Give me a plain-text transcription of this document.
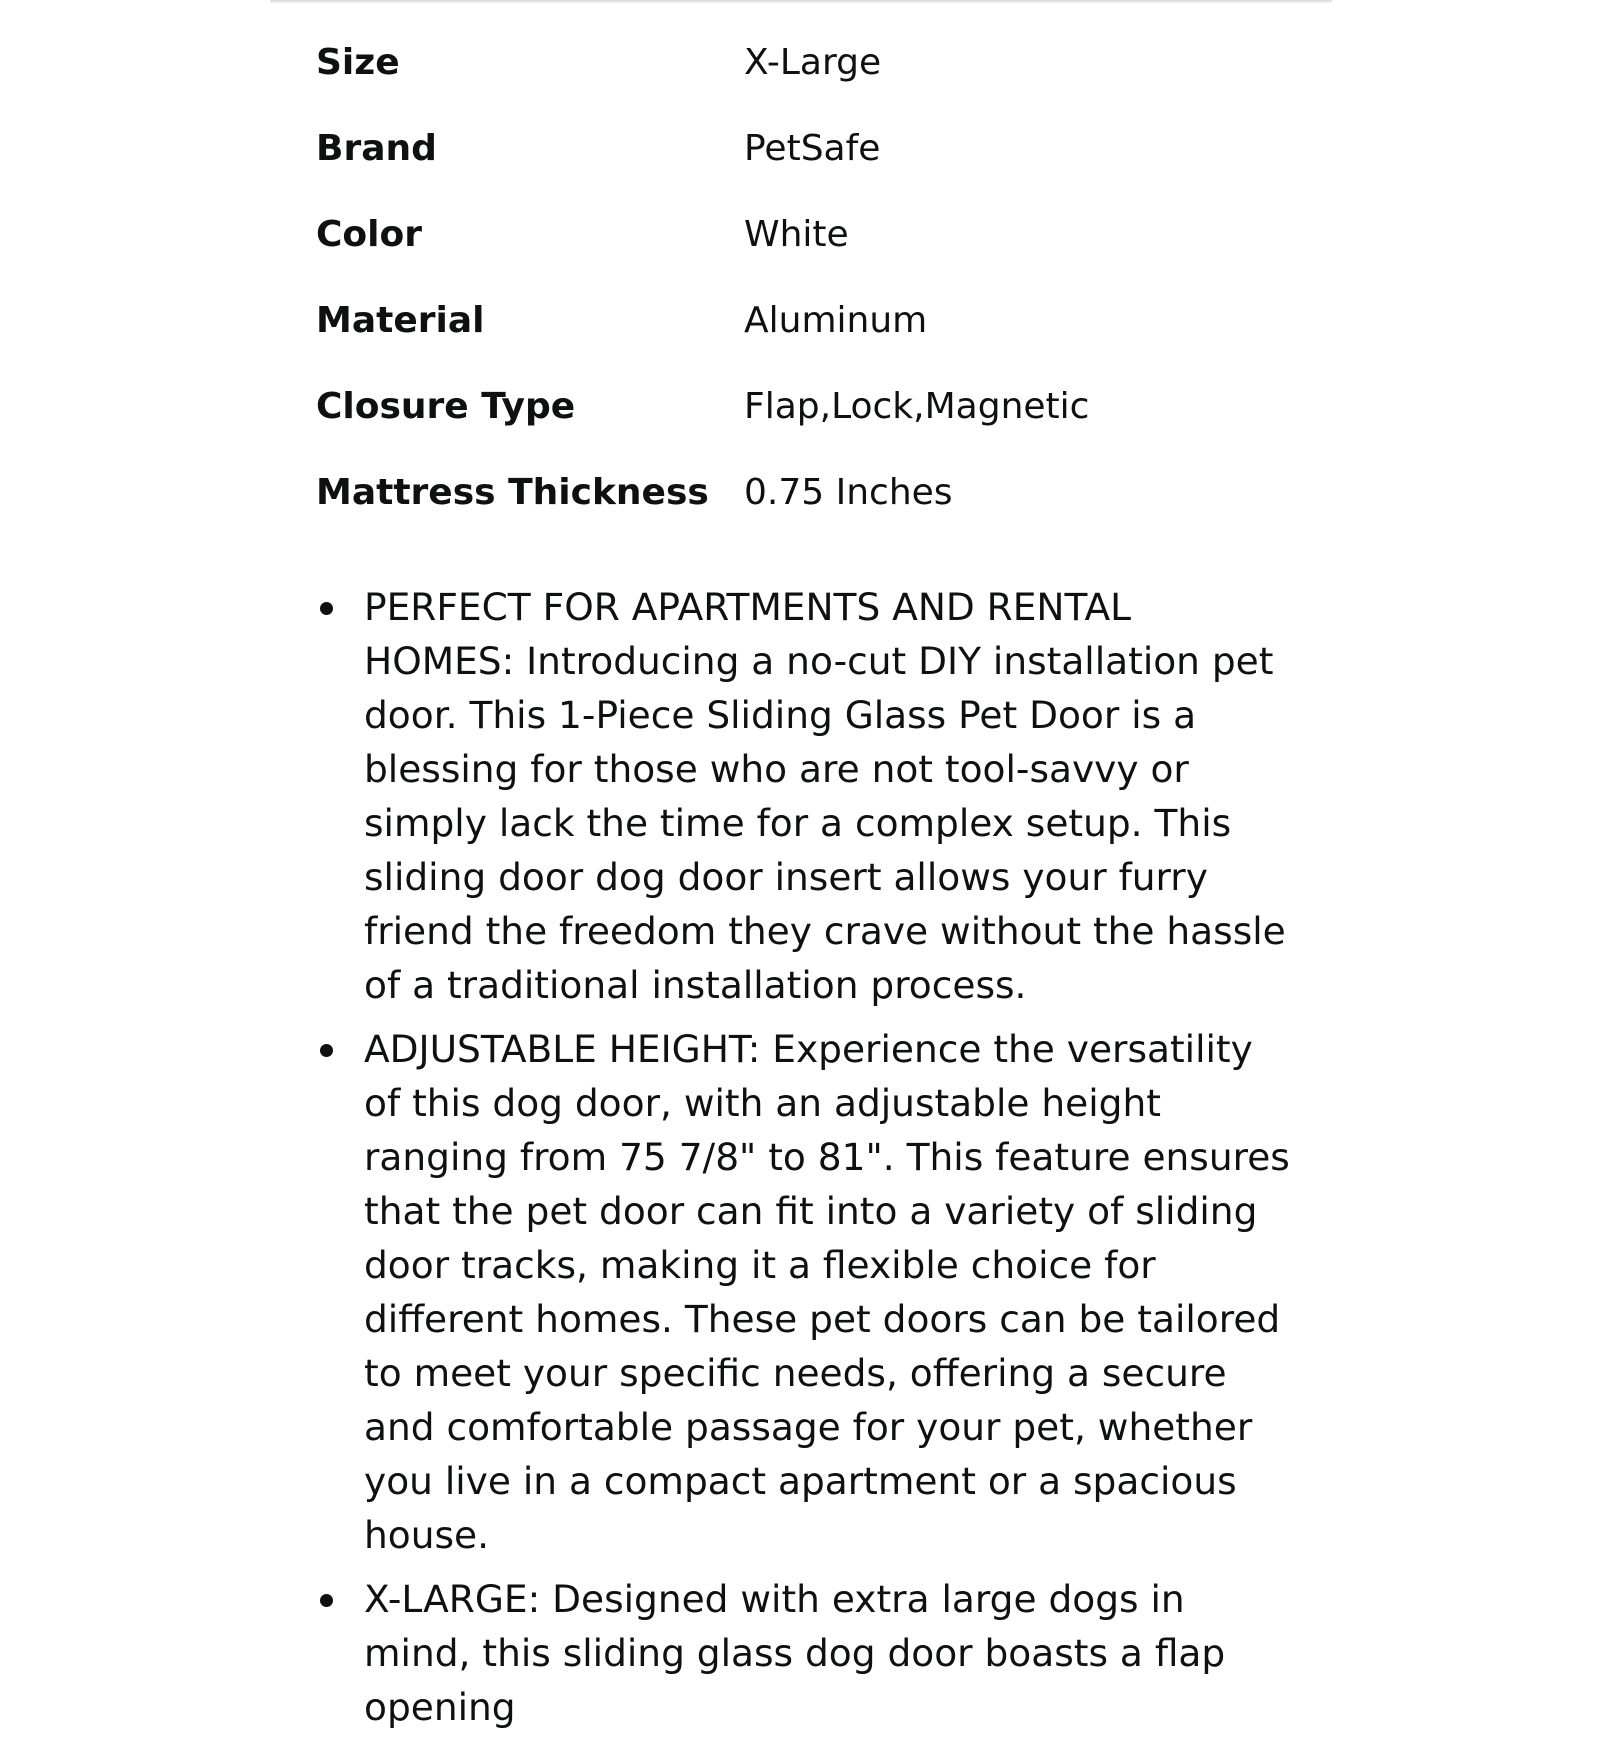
Size	X-Large
Brand	PetSafe
Color	White
Material	Aluminum
Closure Type	Flap,Lock,Magnetic
Mattress Thickness	0.75 Inches
PERFECT FOR APARTMENTS AND RENTAL HOMES: Introducing a no-cut DIY installation pet door. This 1-Piece Sliding Glass Pet Door is a blessing for those who are not tool-savvy or simply lack the time for a complex setup. This sliding door dog door insert allows your furry friend the freedom they crave without the hassle of a traditional installation process.
ADJUSTABLE HEIGHT: Experience the versatility of this dog door, with an adjustable height ranging from 75 7/8" to 81". This feature ensures that the pet door can fit into a variety of sliding door tracks, making it a flexible choice for different homes. These pet doors can be tailored to meet your specific needs, offering a secure and comfortable passage for your pet, whether you live in a compact apartment or a spacious house.
X-LARGE: Designed with extra large dogs in mind, this sliding glass dog door boasts a flap opening
